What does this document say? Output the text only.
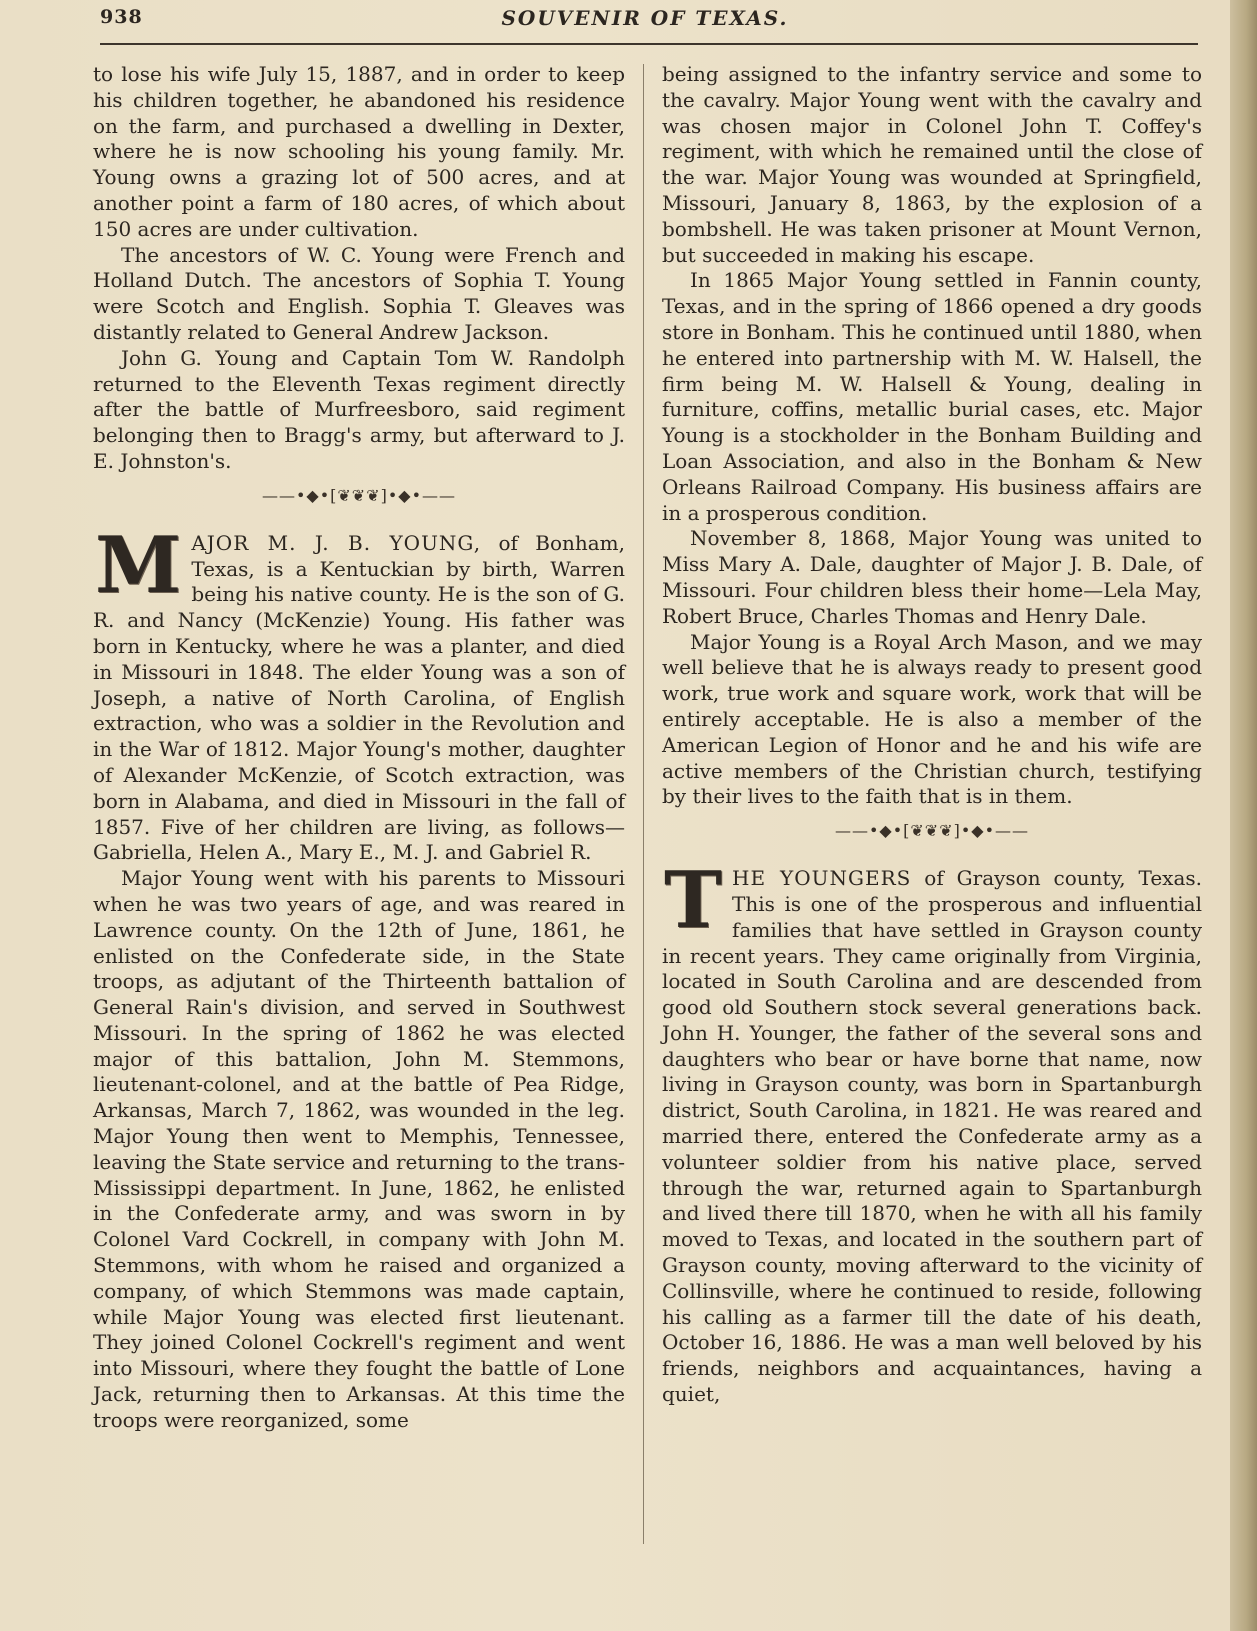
938	SOUVENIR OF TEXAS.

to lose his wife July 15, 1887, and in order to keep his children together, he abandoned his residence on the farm, and purchased a dwelling in Dexter, where he is now schooling his young family. Mr. Young owns a grazing lot of 500 acres, and at another point a farm of 180 acres, of which about 150 acres are under cultivation.

The ancestors of W. C. Young were French and Holland Dutch. The ancestors of Sophia T. Young were Scotch and English. Sophia T. Gleaves was distantly related to General Andrew Jackson.

John G. Young and Captain Tom W. Randolph returned to the Eleventh Texas regiment directly after the battle of Murfreesboro, said regiment belonging then to Bragg's army, but afterward to J. E. Johnston's.

——•◆•[❦❦❦]•◆•——

MAJOR M. J. B. YOUNG, of Bonham, Texas, is a Kentuckian by birth, Warren being his native county. He is the son of G. R. and Nancy (McKenzie) Young. His father was born in Kentucky, where he was a planter, and died in Missouri in 1848. The elder Young was a son of Joseph, a native of North Carolina, of English extraction, who was a soldier in the Revolution and in the War of 1812. Major Young's mother, daughter of Alexander McKenzie, of Scotch extraction, was born in Alabama, and died in Missouri in the fall of 1857. Five of her children are living, as follows—Gabriella, Helen A., Mary E., M. J. and Gabriel R.

Major Young went with his parents to Missouri when he was two years of age, and was reared in Lawrence county. On the 12th of June, 1861, he enlisted on the Confederate side, in the State troops, as adjutant of the Thirteenth battalion of General Rain's division, and served in Southwest Missouri. In the spring of 1862 he was elected major of this battalion, John M. Stemmons, lieutenant-colonel, and at the battle of Pea Ridge, Arkansas, March 7, 1862, was wounded in the leg. Major Young then went to Memphis, Tennessee, leaving the State service and returning to the trans-Mississippi department. In June, 1862, he enlisted in the Confederate army, and was sworn in by Colonel Vard Cockrell, in company with John M. Stemmons, with whom he raised and organized a company, of which Stemmons was made captain, while Major Young was elected first lieutenant. They joined Colonel Cockrell's regiment and went into Missouri, where they fought the battle of Lone Jack, returning then to Arkansas. At this time the troops were reorganized, some

being assigned to the infantry service and some to the cavalry. Major Young went with the cavalry and was chosen major in Colonel John T. Coffey's regiment, with which he remained until the close of the war. Major Young was wounded at Springfield, Missouri, January 8, 1863, by the explosion of a bombshell. He was taken prisoner at Mount Vernon, but succeeded in making his escape.

In 1865 Major Young settled in Fannin county, Texas, and in the spring of 1866 opened a dry goods store in Bonham. This he continued until 1880, when he entered into partnership with M. W. Halsell, the firm being M. W. Halsell & Young, dealing in furniture, coffins, metallic burial cases, etc. Major Young is a stockholder in the Bonham Building and Loan Association, and also in the Bonham & New Orleans Railroad Company. His business affairs are in a prosperous condition.

November 8, 1868, Major Young was united to Miss Mary A. Dale, daughter of Major J. B. Dale, of Missouri. Four children bless their home—Lela May, Robert Bruce, Charles Thomas and Henry Dale.

Major Young is a Royal Arch Mason, and we may well believe that he is always ready to present good work, true work and square work, work that will be entirely acceptable. He is also a member of the American Legion of Honor and he and his wife are active members of the Christian church, testifying by their lives to the faith that is in them.

——•◆•[❦❦❦]•◆•——

THE YOUNGERS of Grayson county, Texas. This is one of the prosperous and influential families that have settled in Grayson county in recent years. They came originally from Virginia, located in South Carolina and are descended from good old Southern stock several generations back. John H. Younger, the father of the several sons and daughters who bear or have borne that name, now living in Grayson county, was born in Spartanburgh district, South Carolina, in 1821. He was reared and married there, entered the Confederate army as a volunteer soldier from his native place, served through the war, returned again to Spartanburgh and lived there till 1870, when he with all his family moved to Texas, and located in the southern part of Grayson county, moving afterward to the vicinity of Collinsville, where he continued to reside, following his calling as a farmer till the date of his death, October 16, 1886. He was a man well beloved by his friends, neighbors and acquaintances, having a quiet,
